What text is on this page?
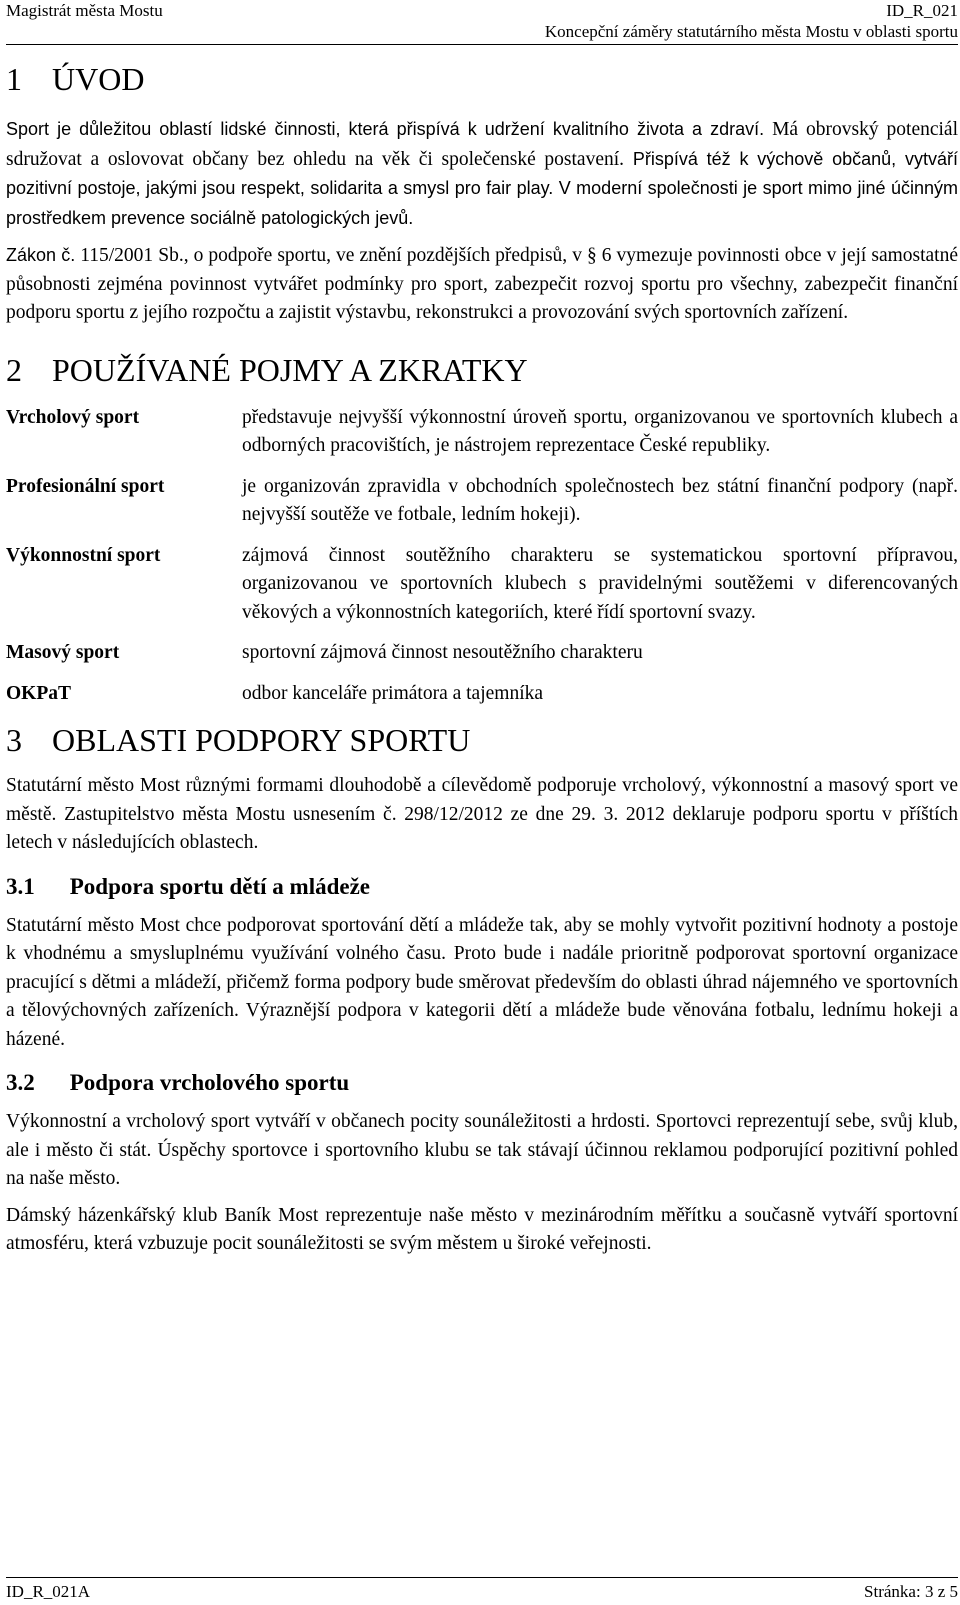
Magistrát města Mostu	ID_R_021
Koncepční záměry statutárního města Mostu v oblasti sportu
1 ÚVOD

Sport je důležitou oblastí lidské činnosti, která přispívá k udržení kvalitního života a zdraví. Má obrovský potenciál sdružovat a oslovovat občany bez ohledu na věk či společenské postavení. Přispívá též k výchově občanů, vytváří pozitivní postoje, jakými jsou respekt, solidarita a smysl pro fair play. V moderní společnosti je sport mimo jiné účinným prostředkem prevence sociálně patologických jevů.

Zákon č. 115/2001 Sb., o podpoře sportu, ve znění pozdějších předpisů, v § 6 vymezuje povinnosti obce v její samostatné působnosti zejména povinnost vytvářet podmínky pro sport, zabezpečit rozvoj sportu pro všechny, zabezpečit finanční podporu sportu z jejího rozpočtu a zajistit výstavbu, rekonstrukci a provozování svých sportovních zařízení.

2 POUŽÍVANÉ POJMY A ZKRATKY
Vrcholový sport	představuje nejvyšší výkonnostní úroveň sportu, organizovanou ve sportovních klubech a odborných pracovištích, je nástrojem reprezentace České republiky.
Profesionální sport	je organizován zpravidla v obchodních společnostech bez státní finanční podpory (např. nejvyšší soutěže ve fotbale, ledním hokeji).
Výkonnostní sport	zájmová činnost soutěžního charakteru se systematickou sportovní přípravou, organizovanou ve sportovních klubech s pravidelnými soutěžemi v diferencovaných věkových a výkonnostních kategoriích, které řídí sportovní svazy.
Masový sport	sportovní zájmová činnost nesoutěžního charakteru
OKPaT	odbor kanceláře primátora a tajemníka
3 OBLASTI PODPORY SPORTU

Statutární město Most různými formami dlouhodobě a cílevědomě podporuje vrcholový, výkonnostní a masový sport ve městě. Zastupitelstvo města Mostu usnesením č. 298/12/2012 ze dne 29. 3. 2012 deklaruje podporu sportu v příštích letech v následujících oblastech.

3.1 Podpora sportu dětí a mládeže

Statutární město Most chce podporovat sportování dětí a mládeže tak, aby se mohly vytvořit pozitivní hodnoty a postoje k vhodnému a smysluplnému využívání volného času. Proto bude i nadále prioritně podporovat sportovní organizace pracující s dětmi a mládeží, přičemž forma podpory bude směrovat především do oblasti úhrad nájemného ve sportovních a tělovýchovných zařízeních. Výraznější podpora v kategorii dětí a mládeže bude věnována fotbalu, lednímu hokeji a házené.

3.2 Podpora vrcholového sportu

Výkonnostní a vrcholový sport vytváří v občanech pocity sounáležitosti a hrdosti. Sportovci reprezentují sebe, svůj klub, ale i město či stát. Úspěchy sportovce i sportovního klubu se tak stávají účinnou reklamou podporující pozitivní pohled na naše město.

Dámský házenkářský klub Baník Most reprezentuje naše město v mezinárodním měřítku a současně vytváří sportovní atmosféru, která vzbuzuje pocit sounáležitosti se svým městem u široké veřejnosti.

ID_R_021A	Stránka: 3 z 5
